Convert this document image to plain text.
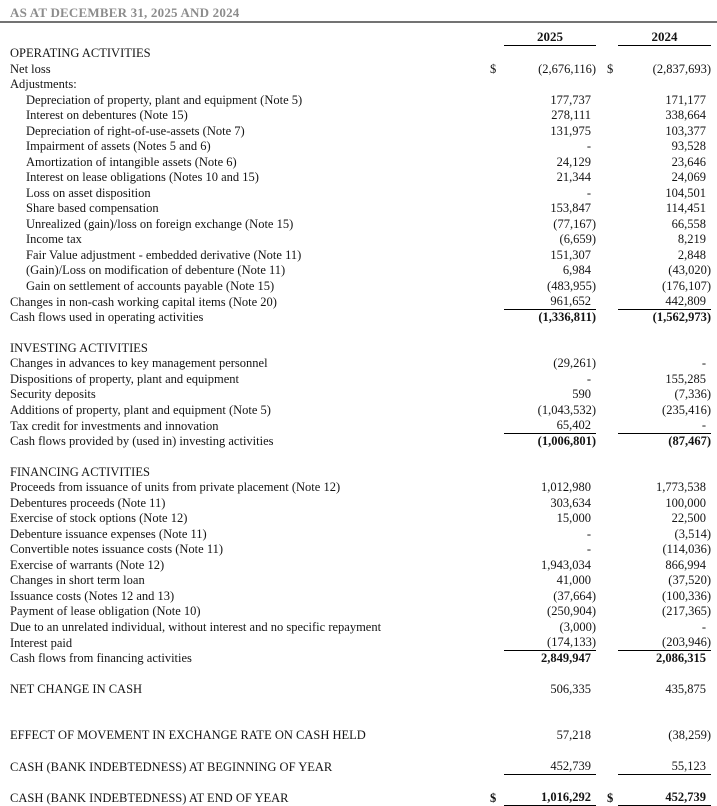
AS AT DECEMBER 31, 2025 AND 2024
2025	2024
OPERATING ACTIVITIES
Net loss	$	(2,676,116) $	(2,837,693)
Adjustments:
Depreciation of property, plant and equipment (Note 5)	177,737	171,177
Interest on debentures (Note 15)	278,111	338,664
Depreciation of right-of-use-assets (Note 7)	131,975	103,377
Impairment of assets (Notes 5 and 6)	-	93,528
Amortization of intangible assets (Note 6)	24,129	23,646
Interest on lease obligations (Notes 10 and 15)	21,344	24,069
Loss on asset disposition	-	104,501
Share based compensation	153,847	114,451
Unrealized (gain)/loss on foreign exchange (Note 15)	(77,167)	66,558
Income tax	(6,659)	8,219
Fair Value adjustment - embedded derivative (Note 11)	151,307	2,848
(Gain)/Loss on modification of debenture (Note 11)	6,984	(43,020)
Gain on settlement of accounts payable (Note 15)	(483,955)	(176,107)
Changes in non-cash working capital items (Note 20)	961,652	442,809
Cash flows used in operating activities	(1,336,811)	(1,562,973)
INVESTING ACTIVITIES
Changes in advances to key management personnel	(29,261)	-
Dispositions of property, plant and equipment	-	155,285
Security deposits	590	(7,336)
Additions of property, plant and equipment (Note 5)	(1,043,532)	(235,416)
Tax credit for investments and innovation	65,402	-
Cash flows provided by (used in) investing activities	(1,006,801)	(87,467)
FINANCING ACTIVITIES
Proceeds from issuance of units from private placement (Note 12)	1,012,980	1,773,538
Debentures proceeds (Note 11)	303,634	100,000
Exercise of stock options (Note 12)	15,000	22,500
Debenture issuance expenses (Note 11)	-	(3,514)
Convertible notes issuance costs (Note 11)	-	(114,036)
Exercise of warrants (Note 12)	1,943,034	866,994
Changes in short term loan	41,000	(37,520)
Issuance costs (Notes 12 and 13)	(37,664)	(100,336)
Payment of lease obligation (Note 10)	(250,904)	(217,365)
Due to an unrelated individual, without interest and no specific repayment	(3,000)	-
Interest paid	(174,133)	(203,946)
Cash flows from financing activities	2,849,947	2,086,315
NET CHANGE IN CASH	506,335	435,875
EFFECT OF MOVEMENT IN EXCHANGE RATE ON CASH HELD	57,218	(38,259)
CASH (BANK INDEBTEDNESS) AT BEGINNING OF YEAR	452,739	55,123
CASH (BANK INDEBTEDNESS) AT END OF YEAR	$	1,016,292	$	452,739
